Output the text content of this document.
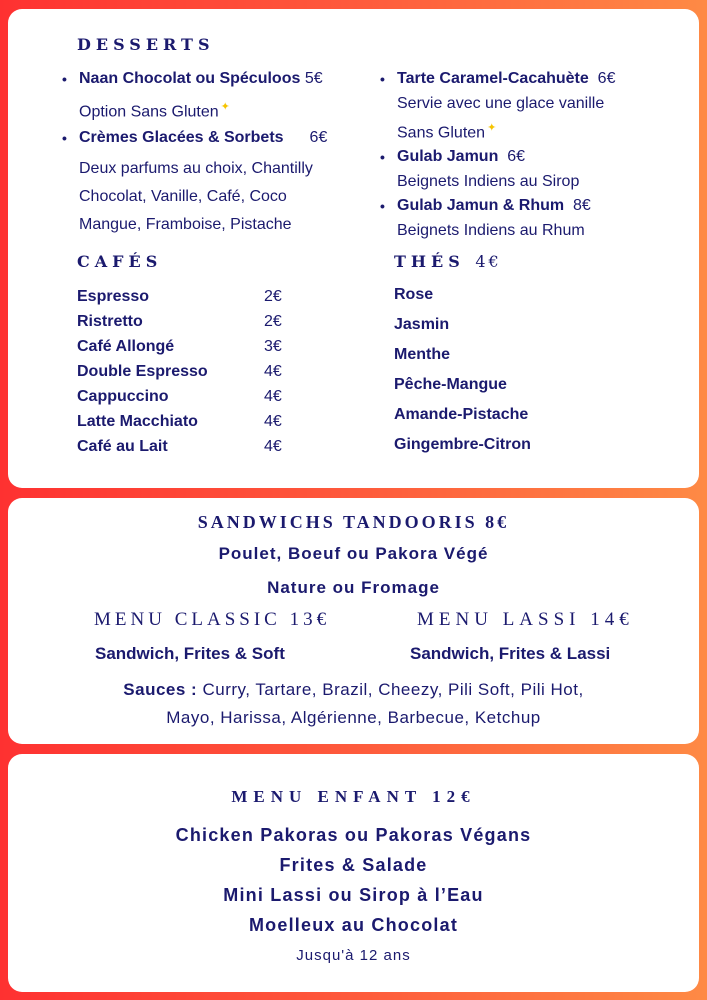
DESSERTS
• Naan Chocolat ou Spéculoos 5€
Option Sans Gluten ✦
• Crèmes Glacées & Sorbets 6€
Deux parfums au choix, Chantilly
Chocolat, Vanille, Café, Coco
Mangue, Framboise, Pistache
• Tarte Caramel-Cacahuète 6€
Servie avec une glace vanille
Sans Gluten ✦
• Gulab Jamun 6€
Beignets Indiens au Sirop
• Gulab Jamun & Rhum 8€
Beignets Indiens au Rhum
CAFÉS
Espresso	2€
Ristretto	2€
Café Allongé	3€
Double Espresso	4€
Cappuccino	4€
Latte Macchiato	4€
Café au Lait	4€
THÉS 4€
Rose
Jasmin
Menthe
Pêche-Mangue
Amande-Pistache
Gingembre-Citron
SANDWICHS TANDOORIS 8€
Poulet, Boeuf ou Pakora Végé
Nature ou Fromage
MENU CLASSIC 13€	MENU LASSI 14€
Sandwich, Frites & Soft	Sandwich, Frites & Lassi
Sauces : Curry, Tartare, Brazil, Cheezy, Pili Soft, Pili Hot,
Mayo, Harissa, Algérienne, Barbecue, Ketchup
MENU ENFANT 12€
Chicken Pakoras ou Pakoras Végans
Frites & Salade
Mini Lassi ou Sirop à l’Eau
Moelleux au Chocolat
Jusqu'à 12 ans
